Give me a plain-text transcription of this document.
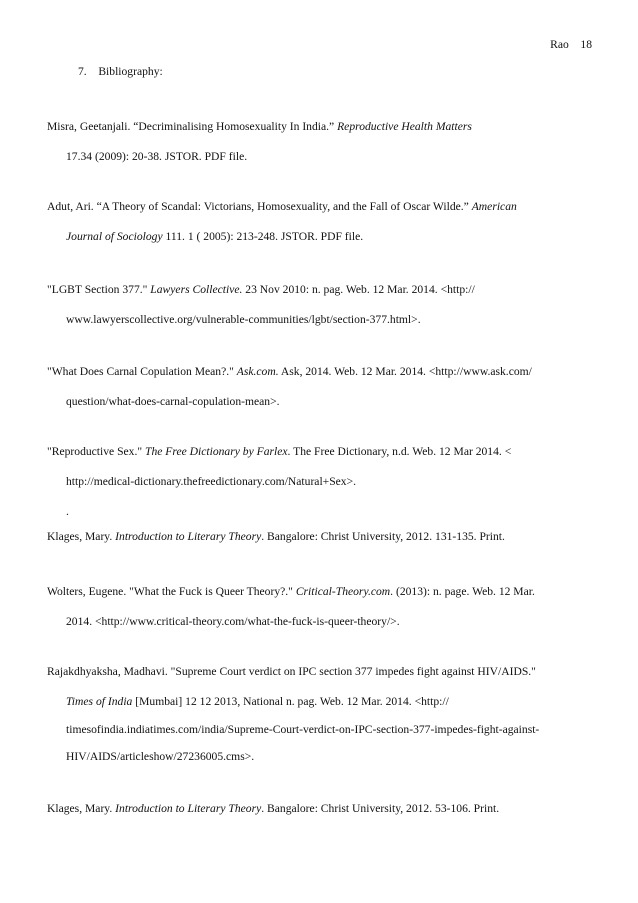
Rao 18
7. Bibliography:
Misra, Geetanjali. “Decriminalising Homosexuality In India.” Reproductive Health Matters
17.34 (2009): 20-38. JSTOR. PDF file.
Adut, Ari. “A Theory of Scandal: Victorians, Homosexuality, and the Fall of Oscar Wilde.” American
Journal of Sociology 111. 1 ( 2005): 213-248. JSTOR. PDF file.
"LGBT Section 377." Lawyers Collective. 23 Nov 2010: n. pag. Web. 12 Mar. 2014. <http://
www.lawyerscollective.org/vulnerable-communities/lgbt/section-377.html>.
"What Does Carnal Copulation Mean?." Ask.com. Ask, 2014. Web. 12 Mar. 2014. <http://www.ask.com/
question/what-does-carnal-copulation-mean>.
"Reproductive Sex." The Free Dictionary by Farlex. The Free Dictionary, n.d. Web. 12 Mar 2014. <
http://medical-dictionary.thefreedictionary.com/Natural+Sex>.
.
Klages, Mary. Introduction to Literary Theory. Bangalore: Christ University, 2012. 131-135. Print.
Wolters, Eugene. "What the Fuck is Queer Theory?." Critical-Theory.com. (2013): n. page. Web. 12 Mar.
2014. <http://www.critical-theory.com/what-the-fuck-is-queer-theory/>.
Rajakdhyaksha, Madhavi. "Supreme Court verdict on IPC section 377 impedes fight against HIV/AIDS."
Times of India [Mumbai] 12 12 2013, National n. pag. Web. 12 Mar. 2014. <http://
timesofindia.indiatimes.com/india/Supreme-Court-verdict-on-IPC-section-377-impedes-fight-against-
HIV/AIDS/articleshow/27236005.cms>.
Klages, Mary. Introduction to Literary Theory. Bangalore: Christ University, 2012. 53-106. Print.
